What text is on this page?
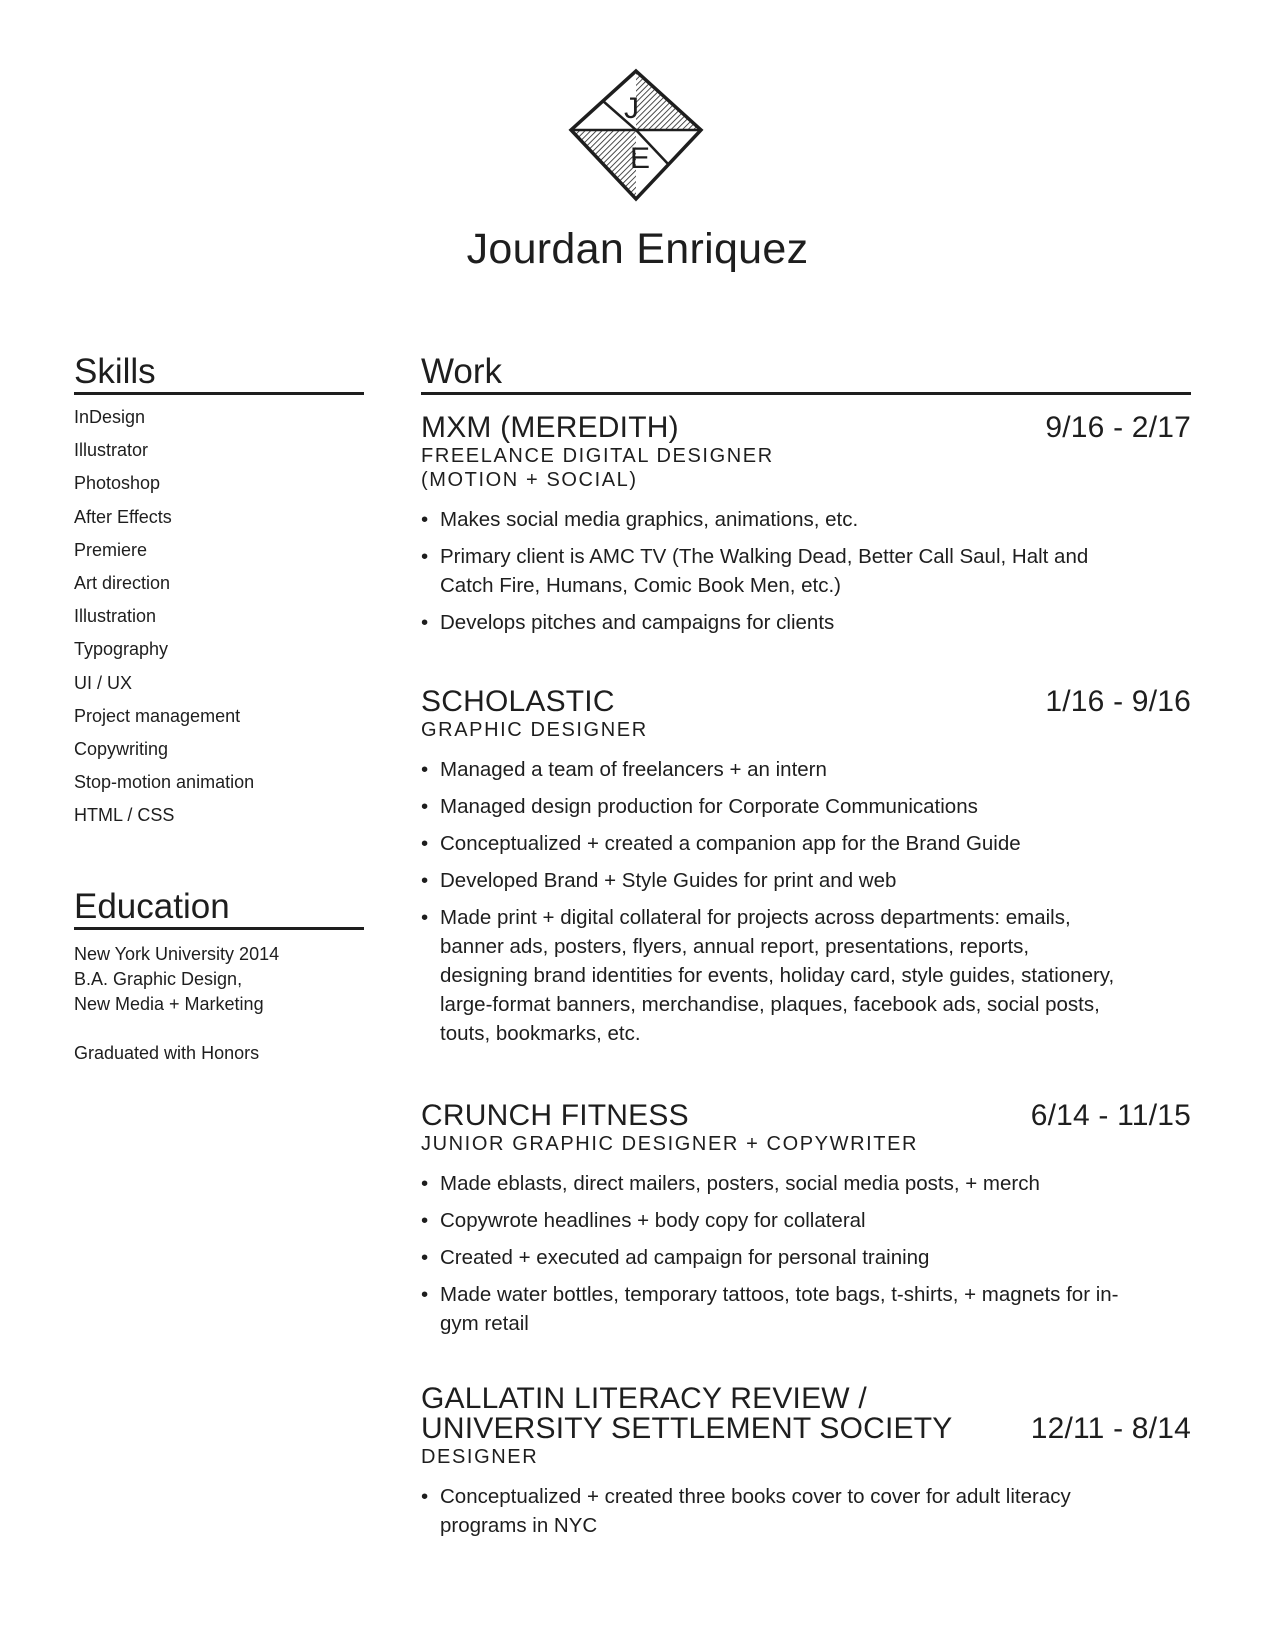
J
E
Jourdan Enriquez
Skills
InDesign
Illustrator
Photoshop
After Effects
Premiere
Art direction
Illustration
Typography
UI / UX
Project management
Copywriting
Stop-motion animation
HTML / CSS
Education
New York University 2014
B.A. Graphic Design,
New Media + Marketing
Graduated with Honors
Work
MXM (MEREDITH)	9/16 - 2/17
FREELANCE DIGITAL DESIGNER
(MOTION + SOCIAL)
• Makes social media graphics, animations, etc.
• Primary client is AMC TV (The Walking Dead, Better Call Saul, Halt and Catch Fire, Humans, Comic Book Men, etc.)
• Develops pitches and campaigns for clients
SCHOLASTIC	1/16 - 9/16
GRAPHIC DESIGNER
• Managed a team of freelancers + an intern
• Managed design production for Corporate Communications
• Conceptualized + created a companion app for the Brand Guide
• Developed Brand + Style Guides for print and web
• Made print + digital collateral for projects across departments: emails, banner ads, posters, flyers, annual report, presentations, reports, designing brand identities for events, holiday card, style guides, stationery, large-format banners, merchandise, plaques, facebook ads, social posts, touts, bookmarks, etc.
CRUNCH FITNESS	6/14 - 11/15
JUNIOR GRAPHIC DESIGNER + COPYWRITER
• Made eblasts, direct mailers, posters, social media posts, + merch
• Copywrote headlines + body copy for collateral
• Created + executed ad campaign for personal training
• Made water bottles, temporary tattoos, tote bags, t-shirts, + magnets for in-gym retail
GALLATIN LITERACY REVIEW /
UNIVERSITY SETTLEMENT SOCIETY	12/11 - 8/14
DESIGNER
• Conceptualized + created three books cover to cover for adult literacy programs in NYC
